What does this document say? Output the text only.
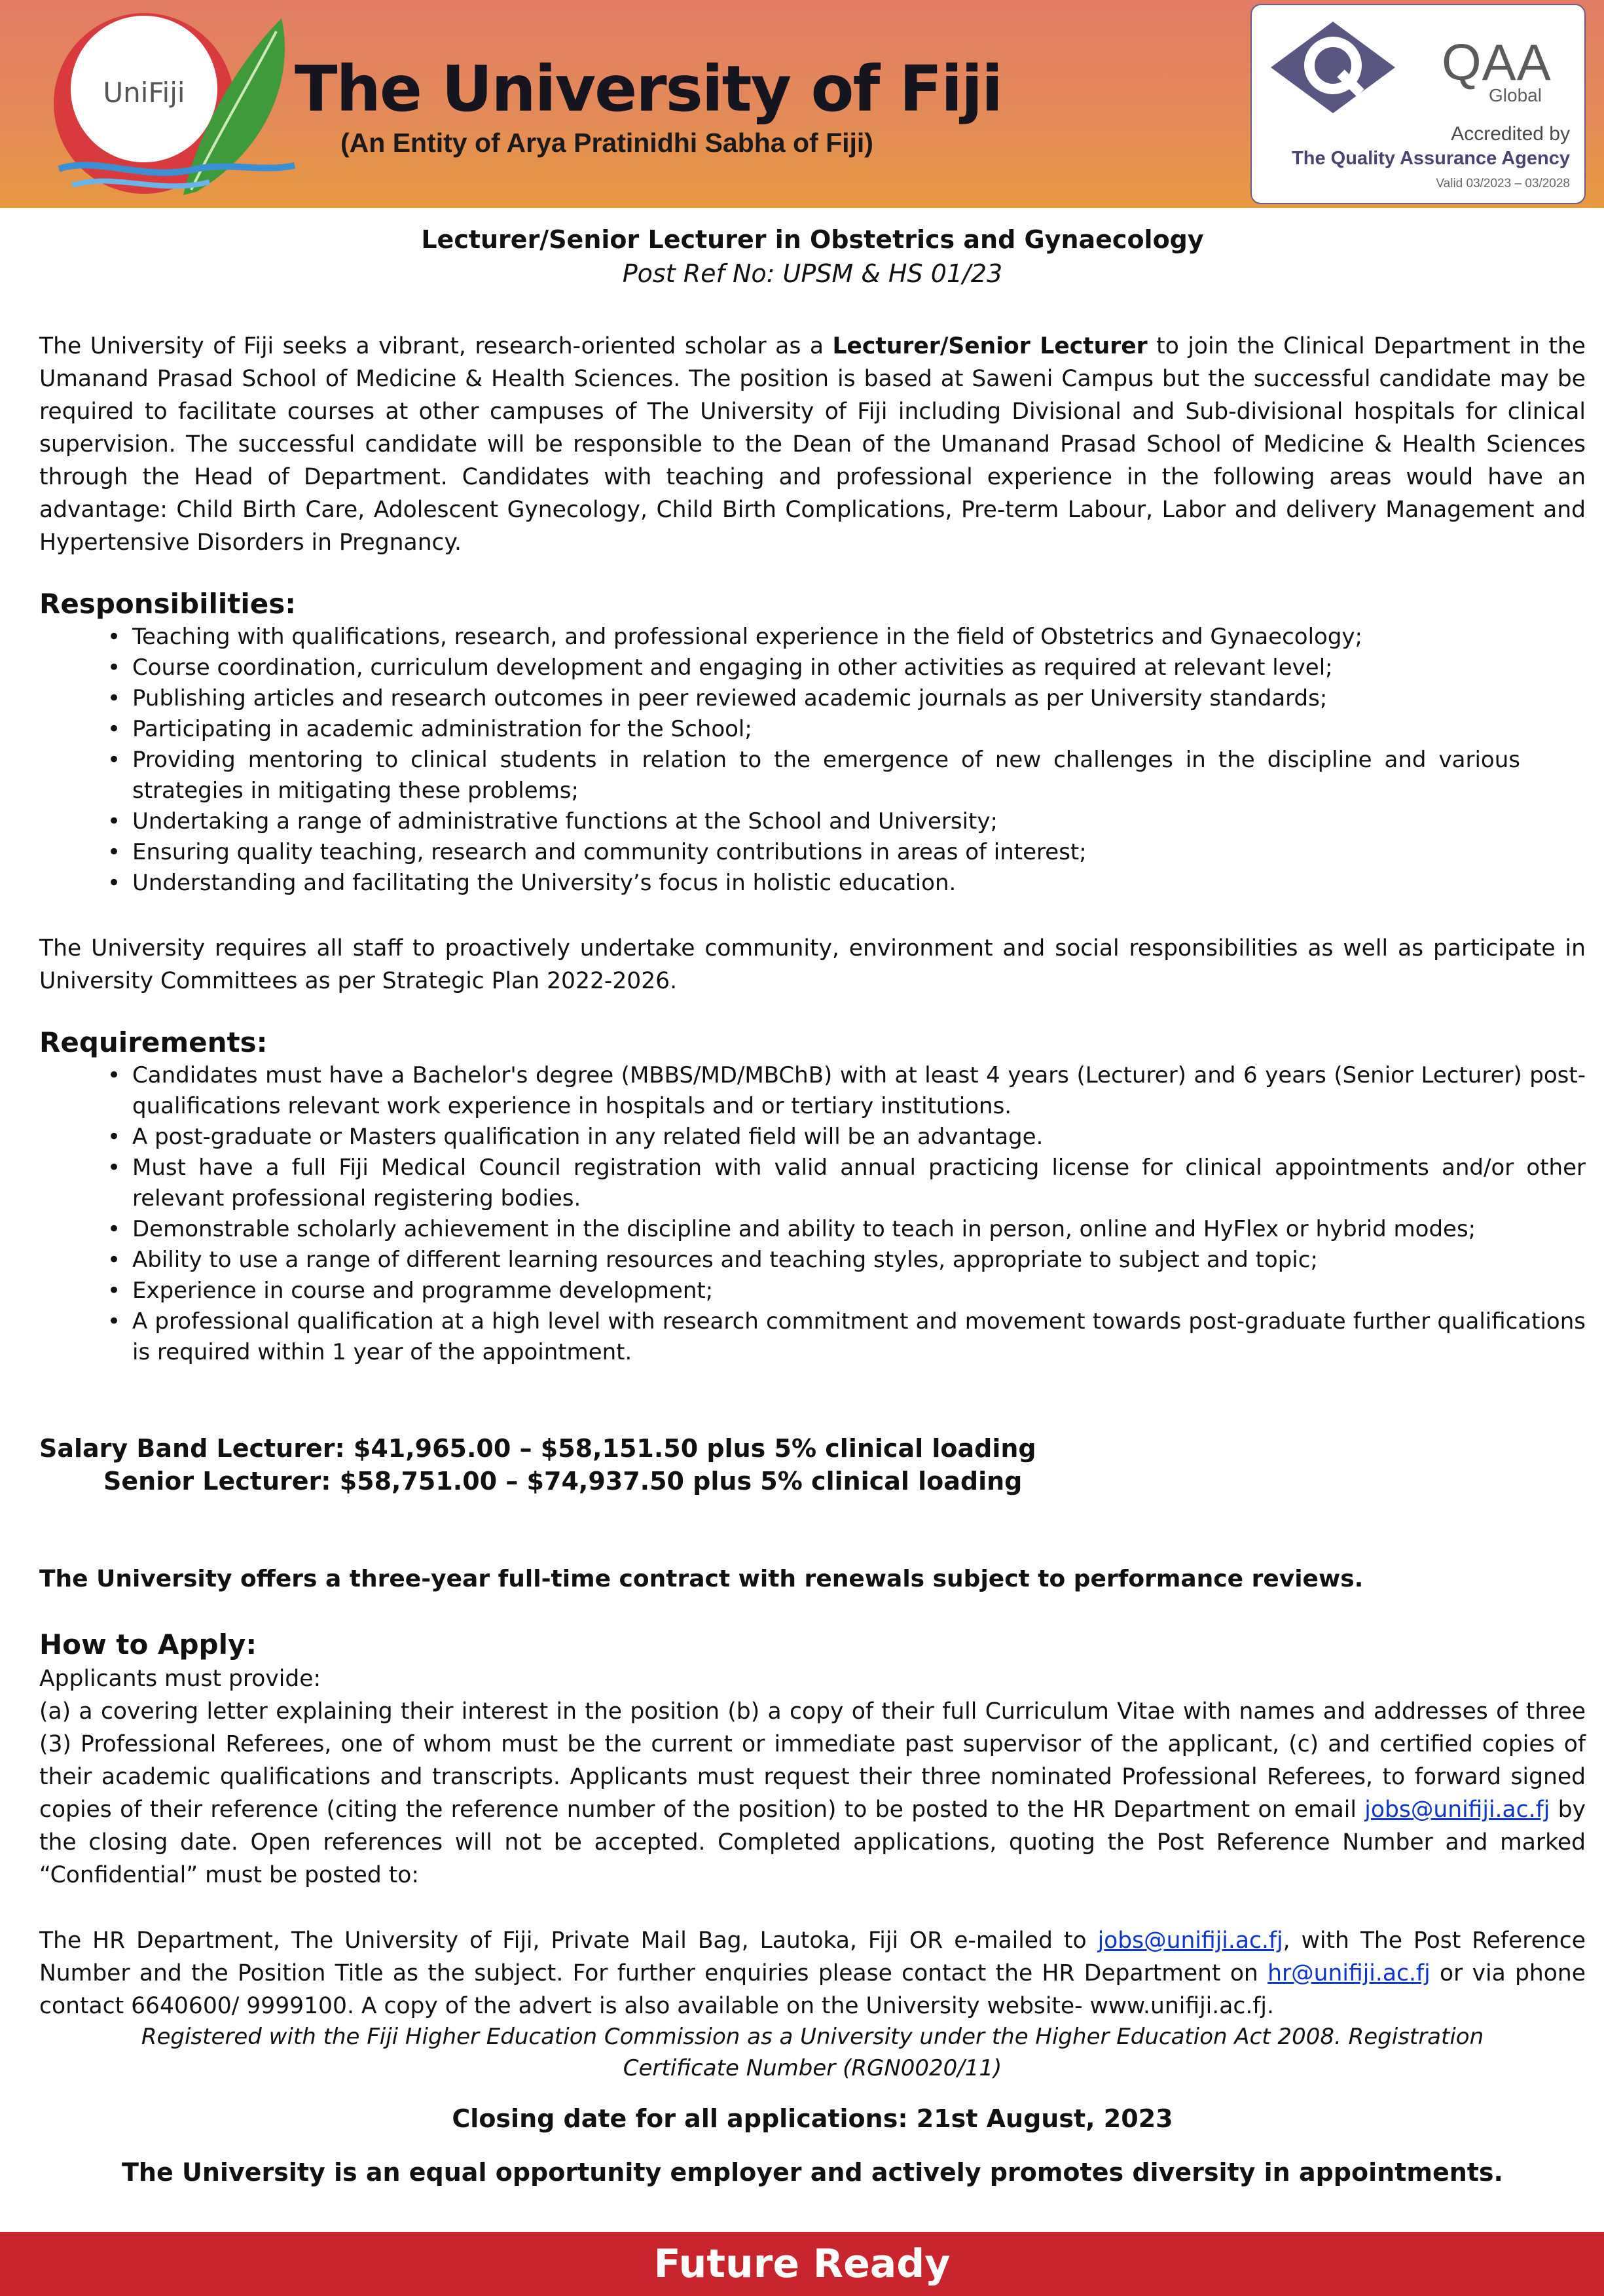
UniFiji The University of Fiji
(An Entity of Arya Pratinidhi Sabha of Fiji)
QAA
Global
Accredited by
The Quality Assurance Agency
Valid 03/2023 – 03/2028
Lecturer/Senior Lecturer in Obstetrics and Gynaecology
Post Ref No: UPSM & HS 01/23
The University of Fiji seeks a vibrant, research-oriented scholar as a Lecturer/Senior Lecturer to join the Clinical Department in the Umanand Prasad School of Medicine & Health Sciences. The position is based at Saweni Campus but the successful candidate may be required to facilitate courses at other campuses of The University of Fiji including Divisional and Sub-divisional hospitals for clinical supervision. The successful candidate will be responsible to the Dean of the Umanand Prasad School of Medicine & Health Sciences through the Head of Department. Candidates with teaching and professional experience in the following areas would have an advantage: Child Birth Care, Adolescent Gynecology, Child Birth Complications, Pre-term Labour, Labor and delivery Management and Hypertensive Disorders in Pregnancy.
Responsibilities:
• Teaching with qualifications, research, and professional experience in the field of Obstetrics and Gynaecology;
• Course coordination, curriculum development and engaging in other activities as required at relevant level;
• Publishing articles and research outcomes in peer reviewed academic journals as per University standards;
• Participating in academic administration for the School;
• Providing mentoring to clinical students in relation to the emergence of new challenges in the discipline and various strategies in mitigating these problems;
• Undertaking a range of administrative functions at the School and University;
• Ensuring quality teaching, research and community contributions in areas of interest;
• Understanding and facilitating the University’s focus in holistic education.
The University requires all staff to proactively undertake community, environment and social responsibilities as well as participate in University Committees as per Strategic Plan 2022-2026.
Requirements:
• Candidates must have a Bachelor's degree (MBBS/MD/MBChB) with at least 4 years (Lecturer) and 6 years (Senior Lecturer) post-qualifications relevant work experience in hospitals and or tertiary institutions.
• A post-graduate or Masters qualification in any related field will be an advantage.
• Must have a full Fiji Medical Council registration with valid annual practicing license for clinical appointments and/or other relevant professional registering bodies.
• Demonstrable scholarly achievement in the discipline and ability to teach in person, online and HyFlex or hybrid modes;
• Ability to use a range of different learning resources and teaching styles, appropriate to subject and topic;
• Experience in course and programme development;
• A professional qualification at a high level with research commitment and movement towards post-graduate further qualifications is required within 1 year of the appointment.
Salary Band Lecturer: $41,965.00 – $58,151.50 plus 5% clinical loading
Senior Lecturer: $58,751.00 – $74,937.50 plus 5% clinical loading
The University offers a three-year full-time contract with renewals subject to performance reviews.
How to Apply:
Applicants must provide:
(a) a covering letter explaining their interest in the position (b) a copy of their full Curriculum Vitae with names and addresses of three (3) Professional Referees, one of whom must be the current or immediate past supervisor of the applicant, (c) and certified copies of their academic qualifications and transcripts. Applicants must request their three nominated Professional Referees, to forward signed copies of their reference (citing the reference number of the position) to be posted to the HR Department on email jobs@unifiji.ac.fj by the closing date. Open references will not be accepted. Completed applications, quoting the Post Reference Number and marked “Confidential” must be posted to:
The HR Department, The University of Fiji, Private Mail Bag, Lautoka, Fiji OR e-mailed to jobs@unifiji.ac.fj, with The Post Reference Number and the Position Title as the subject. For further enquiries please contact the HR Department on hr@unifiji.ac.fj or via phone contact 6640600/ 9999100. A copy of the advert is also available on the University website- www.unifiji.ac.fj.
Registered with the Fiji Higher Education Commission as a University under the Higher Education Act 2008. Registration Certificate Number (RGN0020/11)
Closing date for all applications: 21st August, 2023
The University is an equal opportunity employer and actively promotes diversity in appointments.
Future Ready
